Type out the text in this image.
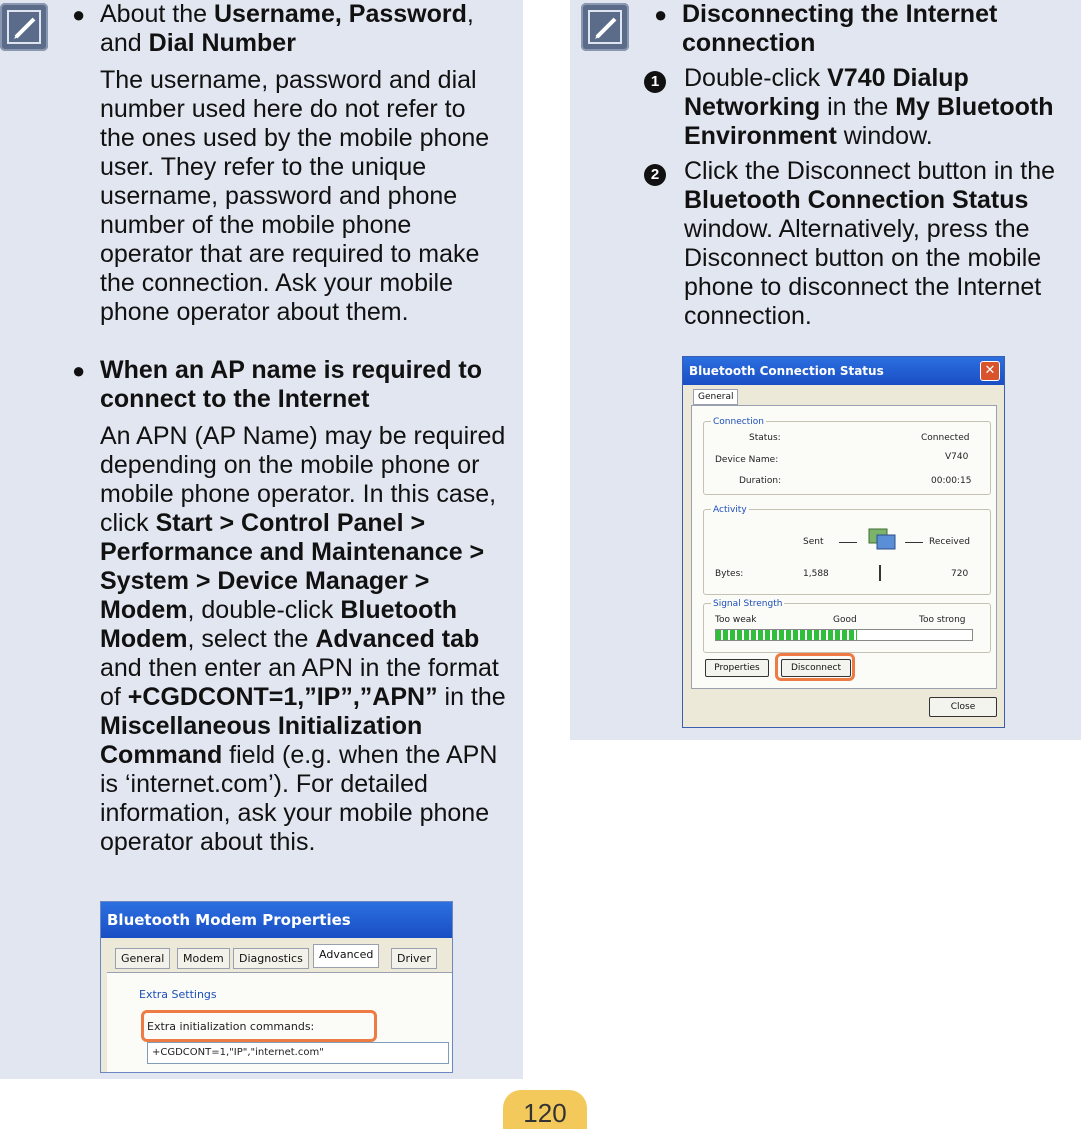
● About the Username, Password, and Dial Number

The username, password and dial number used here do not refer to the ones used by the mobile phone user. They refer to the unique username, password and phone number of the mobile phone operator that are required to make the connection. Ask your mobile phone operator about them.

● When an AP name is required to connect to the Internet

An APN (AP Name) may be required depending on the mobile phone or mobile phone operator. In this case, click Start > Control Panel > Performance and Maintenance > System > Device Manager > Modem, double-click Bluetooth Modem, select the Advanced tab and then enter an APN in the format of +CGDCONT=1,”IP”,”APN” in the Miscellaneous Initialization Command field (e.g. when the APN is ‘internet.com’). For detailed information, ask your mobile phone operator about this.

Bluetooth Modem Properties
General	Modem	Diagnostics	Advanced	Driver
Extra Settings
Extra initialization commands:
+CGDCONT=1,"IP","internet.com"
● Disconnecting the Internet connection

1 Double-click V740 Dialup Networking in the My Bluetooth Environment window.

2 Click the Disconnect button in the Bluetooth Connection Status window. Alternatively, press the Disconnect button on the mobile phone to disconnect the Internet connection.

Bluetooth Connection Status	✕
General
Connection
Status:	Connected
Device Name:	V740
Duration:	00:00:15
Activity
Sent	Received
Bytes:	1,588	720
Signal Strength
Too weak	Good	Too strong
Properties	Disconnect
Close
120
